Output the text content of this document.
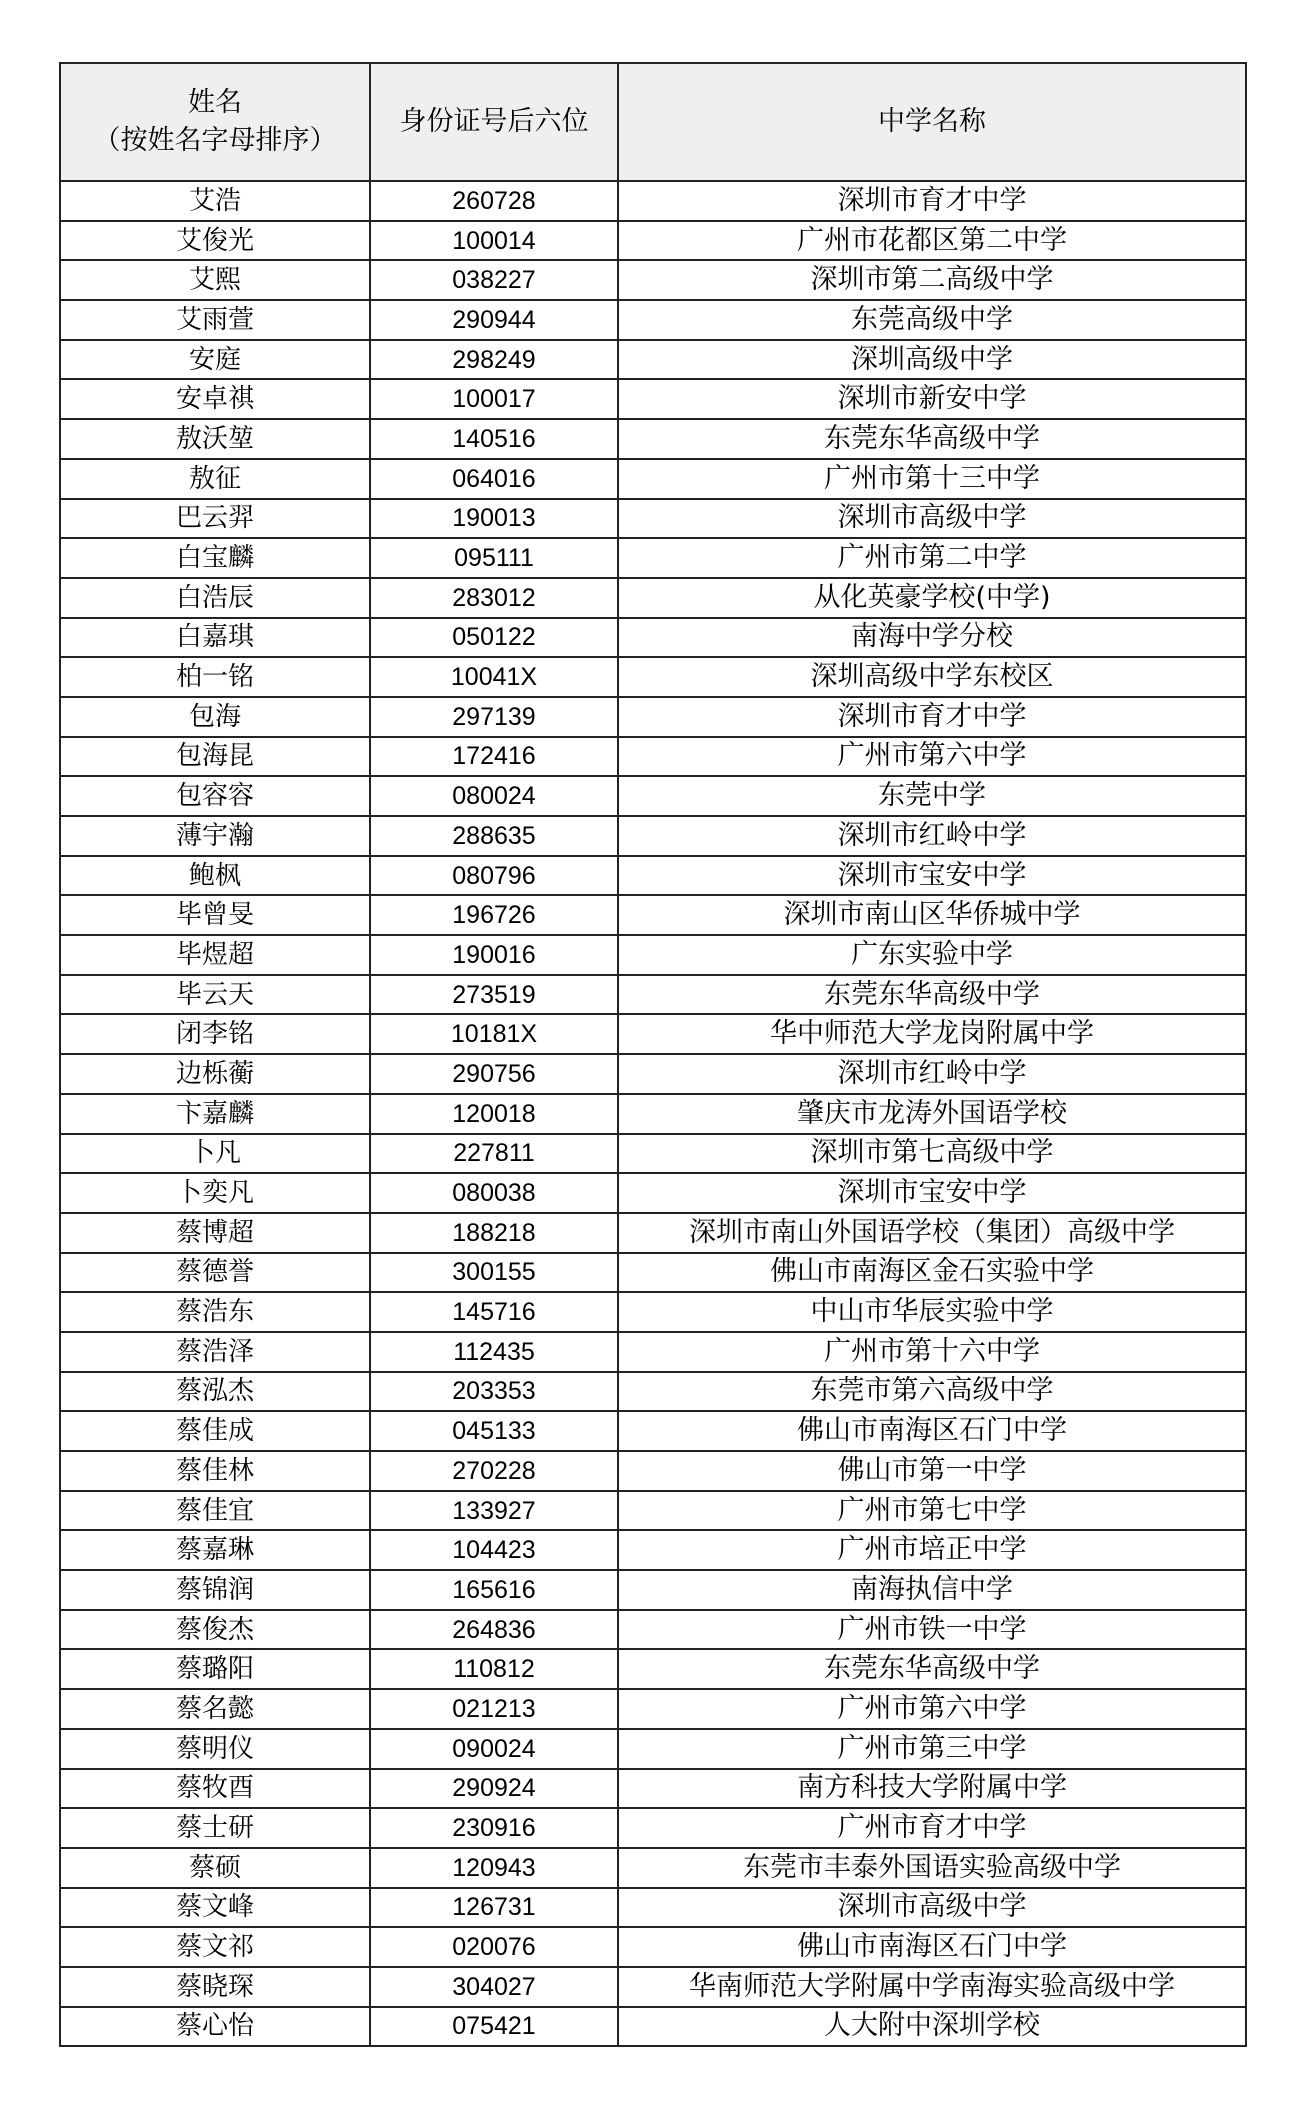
姓名
（按姓名字母排序）	身份证号后六位	中学名称
艾浩	260728	深圳市育才中学
艾俊光	100014	广州市花都区第二中学
艾熙	038227	深圳市第二高级中学
艾雨萱	290944	东莞高级中学
安庭	298249	深圳高级中学
安卓祺	100017	深圳市新安中学
敖沃堃	140516	东莞东华高级中学
敖征	064016	广州市第十三中学
巴云羿	190013	深圳市高级中学
白宝麟	095111	广州市第二中学
白浩辰	283012	从化英豪学校(中学)
白嘉琪	050122	南海中学分校
柏一铭	10041X	深圳高级中学东校区
包海	297139	深圳市育才中学
包海昆	172416	广州市第六中学
包容容	080024	东莞中学
薄宇瀚	288635	深圳市红岭中学
鲍枫	080796	深圳市宝安中学
毕曾旻	196726	深圳市南山区华侨城中学
毕煜超	190016	广东实验中学
毕云天	273519	东莞东华高级中学
闭李铭	10181X	华中师范大学龙岗附属中学
边栎蘅	290756	深圳市红岭中学
卞嘉麟	120018	肇庆市龙涛外国语学校
卜凡	227811	深圳市第七高级中学
卜奕凡	080038	深圳市宝安中学
蔡博超	188218	深圳市南山外国语学校（集团）高级中学
蔡德誉	300155	佛山市南海区金石实验中学
蔡浩东	145716	中山市华辰实验中学
蔡浩泽	112435	广州市第十六中学
蔡泓杰	203353	东莞市第六高级中学
蔡佳成	045133	佛山市南海区石门中学
蔡佳林	270228	佛山市第一中学
蔡佳宜	133927	广州市第七中学
蔡嘉琳	104423	广州市培正中学
蔡锦润	165616	南海执信中学
蔡俊杰	264836	广州市铁一中学
蔡璐阳	110812	东莞东华高级中学
蔡名懿	021213	广州市第六中学
蔡明仪	090024	广州市第三中学
蔡牧酉	290924	南方科技大学附属中学
蔡士研	230916	广州市育才中学
蔡硕	120943	东莞市丰泰外国语实验高级中学
蔡文峰	126731	深圳市高级中学
蔡文祁	020076	佛山市南海区石门中学
蔡晓琛	304027	华南师范大学附属中学南海实验高级中学
蔡心怡	075421	人大附中深圳学校
